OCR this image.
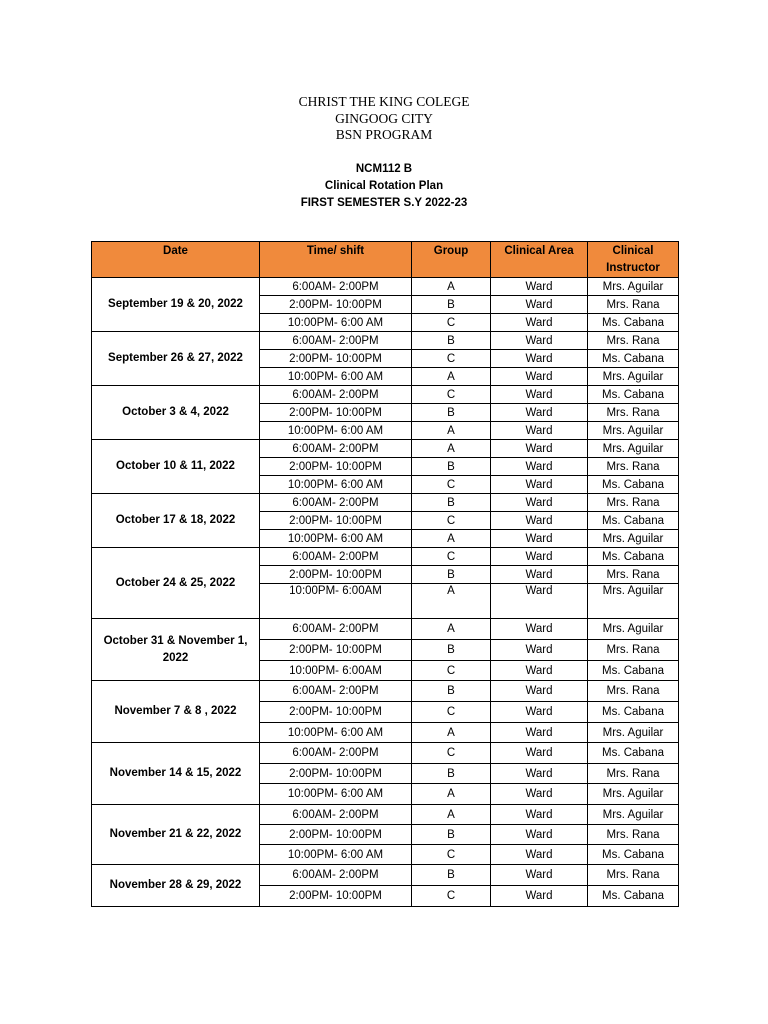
CHRIST THE KING COLEGE
GINGOOG CITY
BSN PROGRAM
NCM112 B
Clinical Rotation Plan
FIRST SEMESTER S.Y 2022-23
Date	Time/ shift	Group	Clinical Area	Clinical Instructor
September 19 & 20, 2022	6:00AM- 2:00PM	A	Ward	Mrs. Aguilar
	2:00PM- 10:00PM	B	Ward	Mrs. Rana
	10:00PM- 6:00 AM	C	Ward	Ms. Cabana
September 26 & 27, 2022	6:00AM- 2:00PM	B	Ward	Mrs. Rana
	2:00PM- 10:00PM	C	Ward	Ms. Cabana
	10:00PM- 6:00 AM	A	Ward	Mrs. Aguilar
October 3 & 4, 2022	6:00AM- 2:00PM	C	Ward	Ms. Cabana
	2:00PM- 10:00PM	B	Ward	Mrs. Rana
	10:00PM- 6:00 AM	A	Ward	Mrs. Aguilar
October 10 & 11, 2022	6:00AM- 2:00PM	A	Ward	Mrs. Aguilar
	2:00PM- 10:00PM	B	Ward	Mrs. Rana
	10:00PM- 6:00 AM	C	Ward	Ms. Cabana
October 17 & 18, 2022	6:00AM- 2:00PM	B	Ward	Mrs. Rana
	2:00PM- 10:00PM	C	Ward	Ms. Cabana
	10:00PM- 6:00 AM	A	Ward	Mrs. Aguilar
October 24 & 25, 2022	6:00AM- 2:00PM	C	Ward	Ms. Cabana
	2:00PM- 10:00PM	B	Ward	Mrs. Rana
	10:00PM- 6:00AM	A	Ward	Mrs. Aguilar
October 31 & November 1, 2022	6:00AM- 2:00PM	A	Ward	Mrs. Aguilar
	2:00PM- 10:00PM	B	Ward	Mrs. Rana
	10:00PM- 6:00AM	C	Ward	Ms. Cabana
November 7 & 8 , 2022	6:00AM- 2:00PM	B	Ward	Mrs. Rana
	2:00PM- 10:00PM	C	Ward	Ms. Cabana
	10:00PM- 6:00 AM	A	Ward	Mrs. Aguilar
November 14 & 15, 2022	6:00AM- 2:00PM	C	Ward	Ms. Cabana
	2:00PM- 10:00PM	B	Ward	Mrs. Rana
	10:00PM- 6:00 AM	A	Ward	Mrs. Aguilar
November 21 & 22, 2022	6:00AM- 2:00PM	A	Ward	Mrs. Aguilar
	2:00PM- 10:00PM	B	Ward	Mrs. Rana
	10:00PM- 6:00 AM	C	Ward	Ms. Cabana
November 28 & 29, 2022	6:00AM- 2:00PM	B	Ward	Mrs. Rana
	2:00PM- 10:00PM	C	Ward	Ms. Cabana
